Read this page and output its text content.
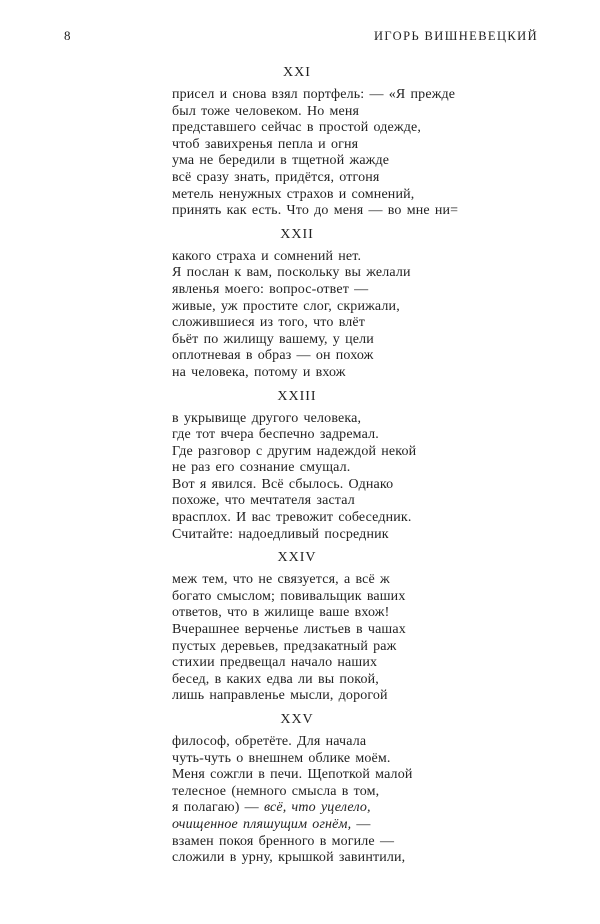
8	ИГОРЬ ВИШНЕВЕЦКИЙ
XXI
присел и снова взял портфель: — «Я прежде
был тоже человеком. Но меня
представшего сейчас в простой одежде,
чтоб завихренья пепла и огня
ума не бередили в тщетной жажде
всё сразу знать, придётся, отгоня
метель ненужных страхов и сомнений,
принять как есть. Что до меня — во мне ни=
XXII
какого страха и сомнений нет.
Я послан к вам, поскольку вы желали
явленья моего: вопрос-ответ —
живые, уж простите слог, скрижали,
сложившиеся из того, что влёт
бьёт по жилищу вашему, у цели
оплотневая в образ — он похож
на человека, потому и вхож
XXIII
в укрывище другого человека,
где тот вчера беспечно задремал.
Где разговор с другим надеждой некой
не раз его сознание смущал.
Вот я явился. Всё сбылось. Однако
похоже, что мечтателя застал
врасплох. И вас тревожит собеседник.
Считайте: надоедливый посредник
XXIV
меж тем, что не связуется, а всё ж
богато смыслом; повивальщик ваших
ответов, что в жилище ваше вхож!
Вчерашнее верченье листьев в чашах
пустых деревьев, предзакатный раж
стихии предвещал начало наших
бесед, в каких едва ли вы покой,
лишь направленье мысли, дорогой
XXV
философ, обретёте. Для начала
чуть-чуть о внешнем облике моём.
Меня сожгли в печи. Щепоткой малой
телесное (немного смысла в том,
я полагаю) — всё, что уцелело,
очищенное пляшущим огнём, —
взамен покоя бренного в могиле —
сложили в урну, крышкой завинтили,
